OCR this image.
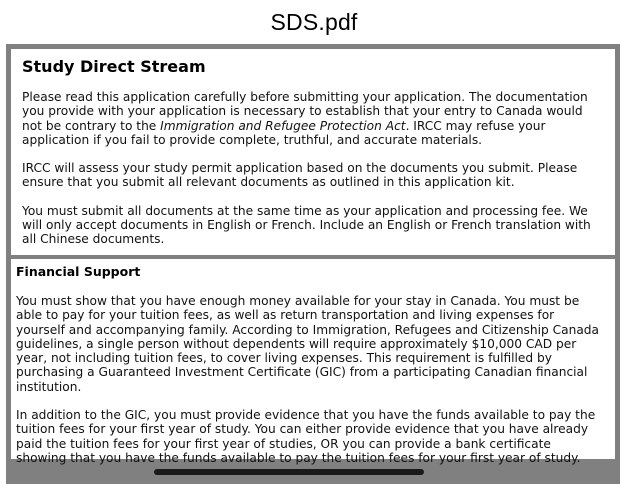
SDS.pdf
Study Direct Stream

Please read this application carefully before submitting your application. The documentation you provide with your application is necessary to establish that your entry to Canada would not be contrary to the Immigration and Refugee Protection Act. IRCC may refuse your application if you fail to provide complete, truthful, and accurate materials.

IRCC will assess your study permit application based on the documents you submit. Please ensure that you submit all relevant documents as outlined in this application kit.

You must submit all documents at the same time as your application and processing fee. We will only accept documents in English or French. Include an English or French translation with all Chinese documents.

Financial Support

You must show that you have enough money available for your stay in Canada. You must be able to pay for your tuition fees, as well as return transportation and living expenses for yourself and accompanying family. According to Immigration, Refugees and Citizenship Canada guidelines, a single person without dependents will require approximately $10,000 CAD per year, not including tuition fees, to cover living expenses. This requirement is fulfilled by purchasing a Guaranteed Investment Certificate (GIC) from a participating Canadian financial institution.

In addition to the GIC, you must provide evidence that you have the funds available to pay the tuition fees for your first year of study. You can either provide evidence that you have already paid the tuition fees for your first year of studies, OR you can provide a bank certificate showing that you have the funds available to pay the tuition fees for your first year of study.
